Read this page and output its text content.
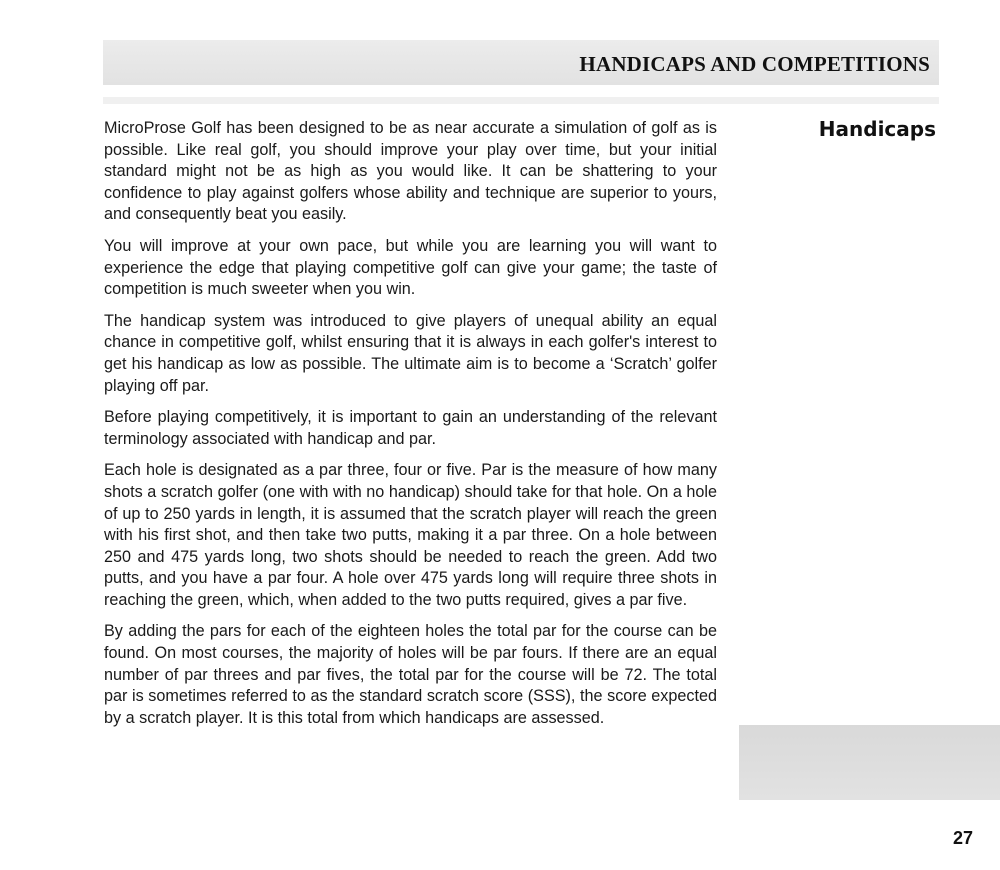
HANDICAPS AND COMPETITIONS
Handicaps

MicroProse Golf has been designed to be as near accurate a simulation of golf as is possible. Like real golf, you should improve your play over time, but your initial standard might not be as high as you would like. It can be shattering to your confidence to play against golfers whose ability and technique are superior to yours, and consequently beat you easily.

You will improve at your own pace, but while you are learning you will want to experience the edge that playing competitive golf can give your game; the taste of competition is much sweeter when you win.

The handicap system was introduced to give players of unequal ability an equal chance in competitive golf, whilst ensuring that it is always in each golfer's interest to get his handicap as low as possible. The ultimate aim is to become a ‘Scratch’ golfer playing off par.

Before playing competitively, it is important to gain an understanding of the relevant terminology associated with handicap and par.

Each hole is designated as a par three, four or five. Par is the measure of how many shots a scratch golfer (one with with no handicap) should take for that hole. On a hole of up to 250 yards in length, it is assumed that the scratch player will reach the green with his first shot, and then take two putts, making it a par three. On a hole between 250 and 475 yards long, two shots should be needed to reach the green. Add two putts, and you have a par four. A hole over 475 yards long will require three shots in reaching the green, which, when added to the two putts required, gives a par five.

By adding the pars for each of the eighteen holes the total par for the course can be found. On most courses, the majority of holes will be par fours. If there are an equal number of par threes and par fives, the total par for the course will be 72. The total par is sometimes referred to as the standard scratch score (SSS), the score expected by a scratch player. It is this total from which handicaps are assessed.

27
